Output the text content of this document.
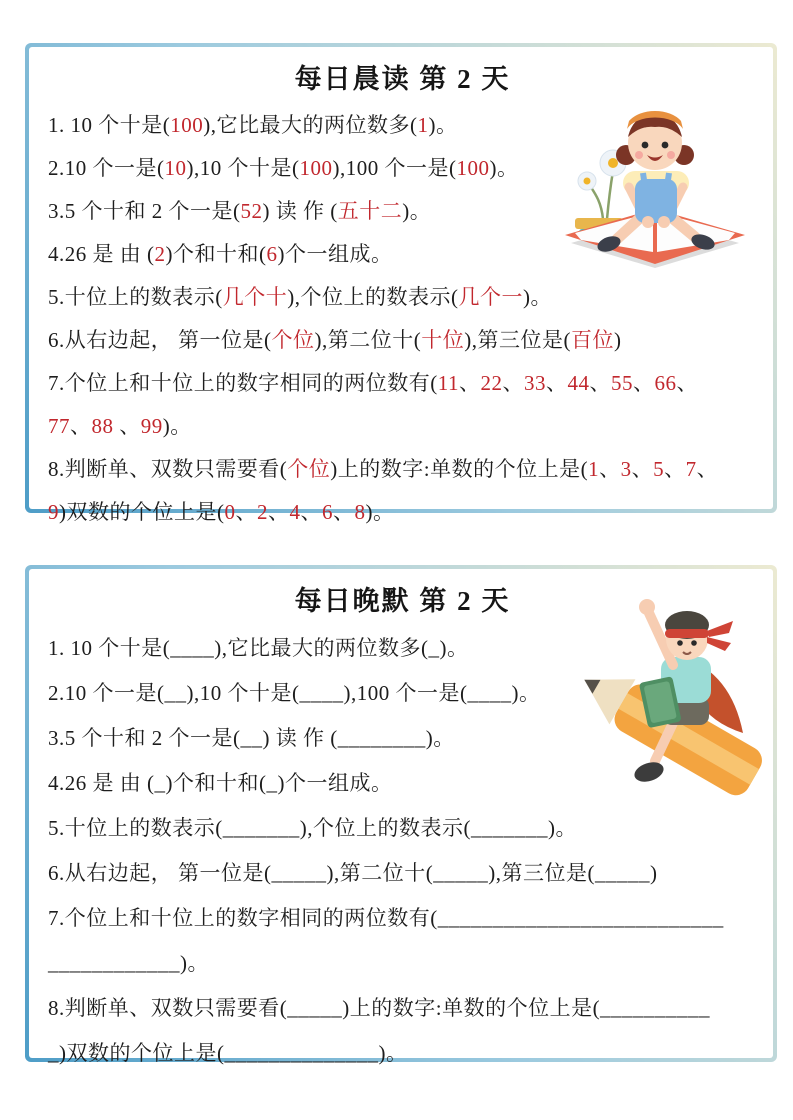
每日晨读 第 2 天
1. 10 个十是(100),它比最大的两位数多(1)。
2.10 个一是(10),10 个十是(100),100 个一是(100)。
3.5 个十和 2 个一是(52) 读 作 (五十二)。
4.26 是 由 (2)个和十和(6)个一组成。
5.十位上的数表示(几个十),个位上的数表示(几个一)。
6.从右边起， 第一位是(个位),第二位十(十位),第三位是(百位)
7.个位上和十位上的数字相同的两位数有(11、22、33、44、55、66、
77、88 、99)。
8.判断单、双数只需要看(个位)上的数字:单数的个位上是(1、3、5、7、
9)双数的个位上是(0、2、4、6、8)。
每日晚默 第 2 天
1. 10 个十是(____),它比最大的两位数多(_)。
2.10 个一是(__),10 个十是(____),100 个一是(____)。
3.5 个十和 2 个一是(__) 读 作 (________)。
4.26 是 由 (_)个和十和(_)个一组成。
5.十位上的数表示(_______),个位上的数表示(_______)。
6.从右边起， 第一位是(_____),第二位十(_____),第三位是(_____)
7.个位上和十位上的数字相同的两位数有(__________________________
____________)。
8.判断单、双数只需要看(_____)上的数字:单数的个位上是(__________
_)双数的个位上是(______________)。
